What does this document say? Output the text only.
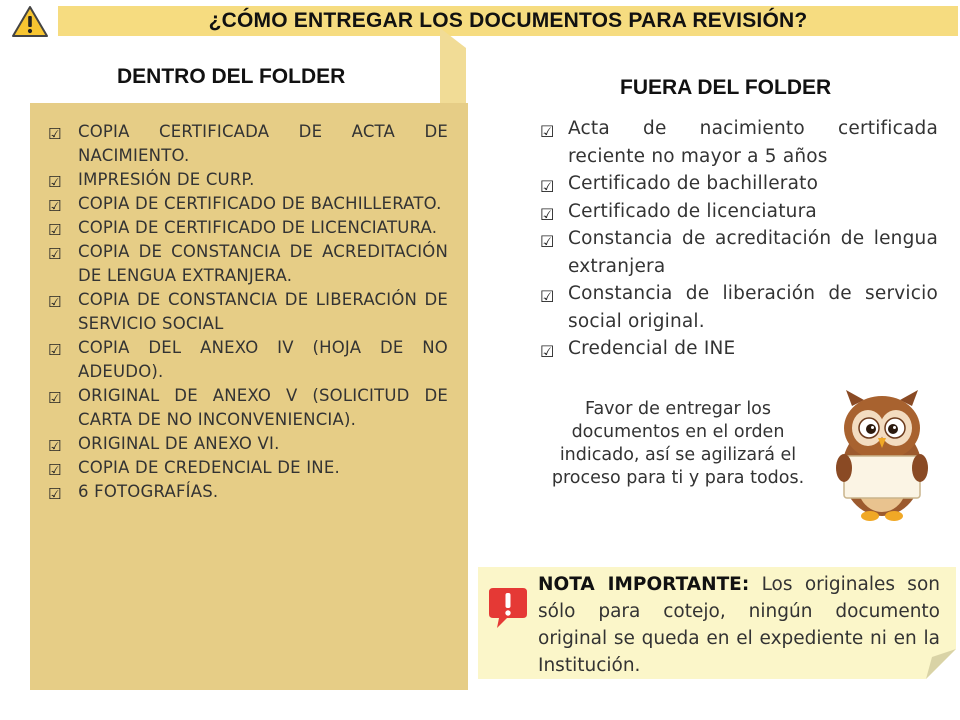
¿CÓMO ENTREGAR LOS DOCUMENTOS PARA REVISIÓN?
DENTRO DEL FOLDER	FUERA DEL FOLDER
☑ COPIA CERTIFICADA DE ACTA DE NACIMIENTO.
☑ IMPRESIÓN DE CURP.
☑ COPIA DE CERTIFICADO DE BACHILLERATO.
☑ COPIA DE CERTIFICADO DE LICENCIATURA.
☑ COPIA DE CONSTANCIA DE ACREDITACIÓN DE LENGUA EXTRANJERA.
☑ COPIA DE CONSTANCIA DE LIBERACIÓN DE SERVICIO SOCIAL
☑ COPIA DEL ANEXO IV (HOJA DE NO ADEUDO).
☑ ORIGINAL DE ANEXO V (SOLICITUD DE CARTA DE NO INCONVENIENCIA).
☑ ORIGINAL DE ANEXO VI.
☑ COPIA DE CREDENCIAL DE INE.
☑ 6 FOTOGRAFÍAS.
☑ Acta de nacimiento certificada reciente no mayor a 5 años
☑ Certificado de bachillerato
☑ Certificado de licenciatura
☑ Constancia de acreditación de lengua extranjera
☑ Constancia de liberación de servicio social original.
☑ Credencial de INE
Favor de entregar los documentos en el orden indicado, así se agilizará el proceso para ti y para todos.
NOTA IMPORTANTE: Los originales son sólo para cotejo, ningún documento original se queda en el expediente ni en la Institución.
